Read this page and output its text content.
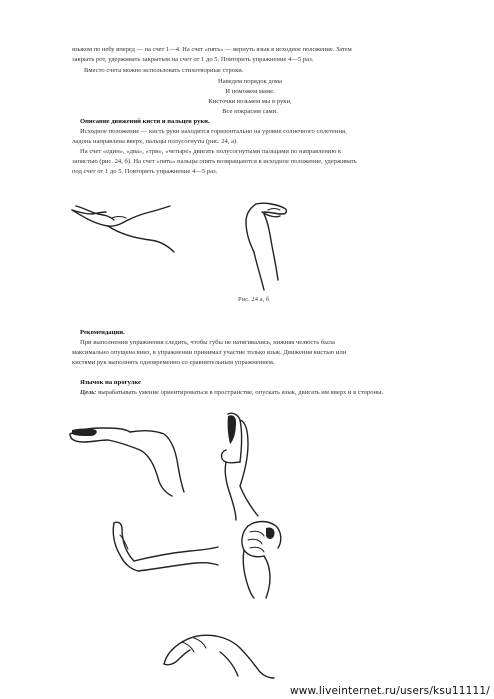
языком по небу вперед — на счет 1—4. На счет «пять» — вернуть язык в исходное положение. Затем
закрыть рот, удерживать закрытым на счет от 1 до 5. Повторить упражнение 4—5 раз.
Вместо счета можно использовать стихотворные строки.
Наведем порядок дома
И поможем маме.
Кисточки возьмем мы в руки,
Все покрасим сами.
Описание движений кисти и пальцев руки.
Исходное положение — кисть руки находится горизонтально на уровне солнечного сплетения,
ладонь направлена вверх, пальцы полусогнуты (рис. 24, а).
На счет «один», «два», «три», «четыре» двигать полусогнутыми пальцами по направлению к
запястью (рис. 24, б). На счет «пять» пальцы опять возвращаются в исходное положение, удерживать
под счет от 1 до 5. Повторить упражнение 4—5 раз.
Рис. 24 а, б
Рекомендации.
При выполнении упражнения следить, чтобы губы не натягивались, нижняя челюсть была
максимально опущена вниз, в упражнении принимал участие только язык. Движения кистью или
кистями рук выполнять одновременно со сравнительным упражнением.
Язычок на прогулке
Цель: вырабатывать умение ориентироваться в пространстве, опускать язык, двигать им вверх и в стороны.
www.liveinternet.ru/users/ksu11111/
